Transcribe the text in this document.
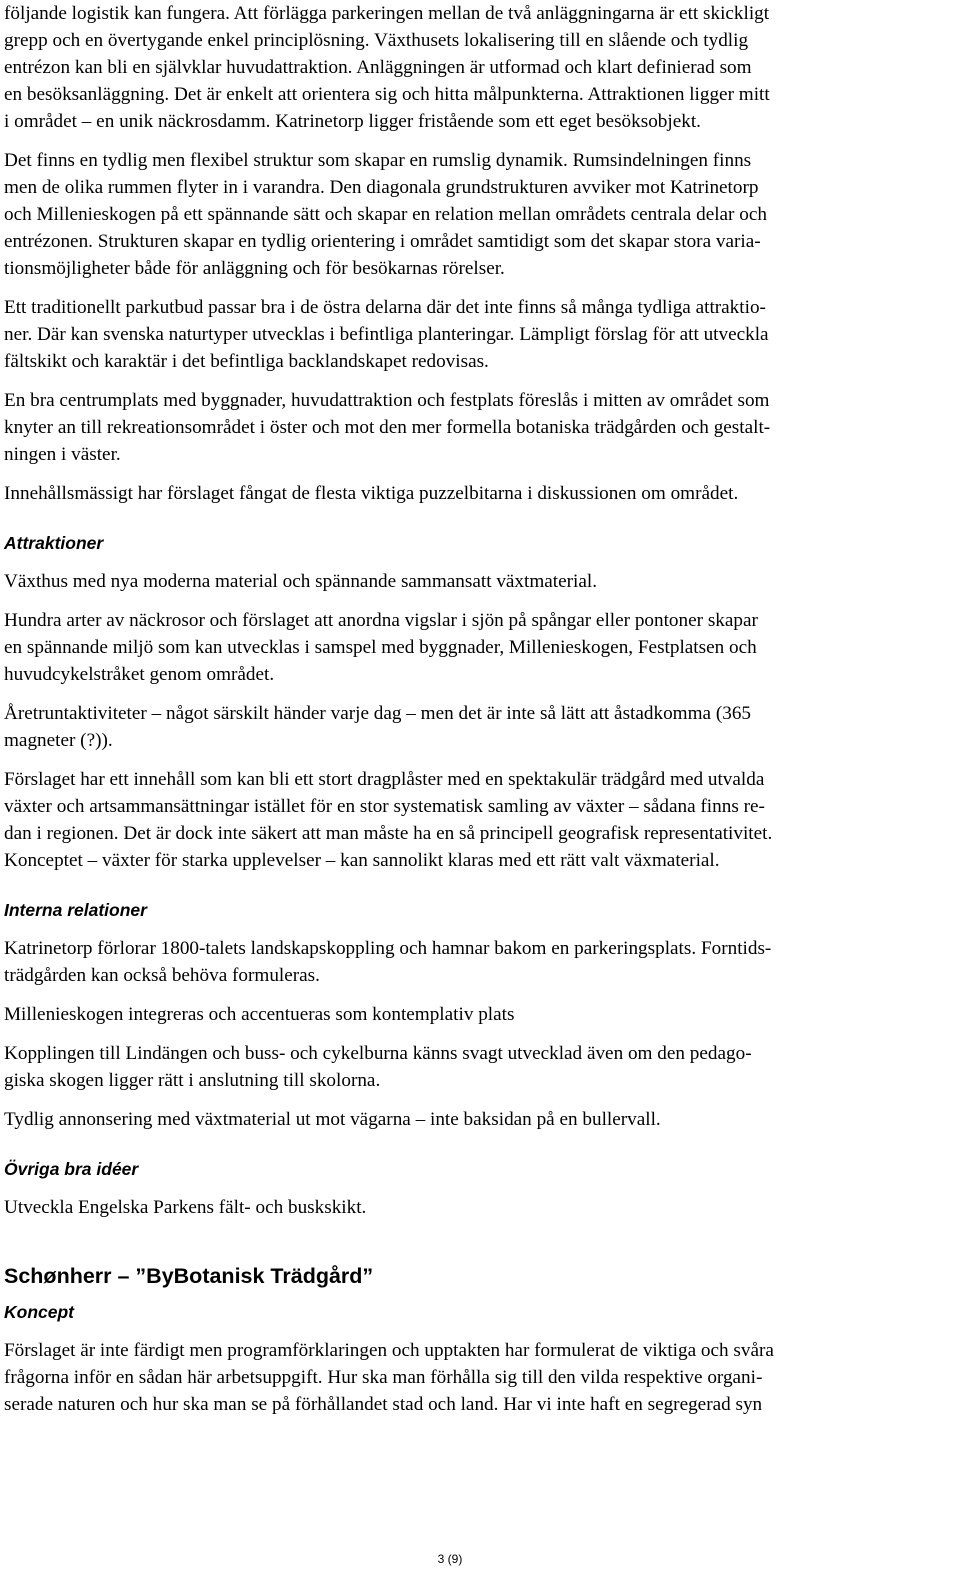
följande logistik kan fungera. Att förlägga parkeringen mellan de två anläggningarna är ett skickligt
grepp och en övertygande enkel principlösning. Växthusets lokalisering till en slående och tydlig
entrézon kan bli en självklar huvudattraktion. Anläggningen är utformad och klart definierad som
en besöksanläggning. Det är enkelt att orientera sig och hitta målpunkterna. Attraktionen ligger mitt
i området – en unik näckrosdamm. Katrinetorp ligger fristående som ett eget besöksobjekt.
Det finns en tydlig men flexibel struktur som skapar en rumslig dynamik. Rumsindelningen finns
men de olika rummen flyter in i varandra. Den diagonala grundstrukturen avviker mot Katrinetorp
och Millenieskogen på ett spännande sätt och skapar en relation mellan områdets centrala delar och
entrézonen. Strukturen skapar en tydlig orientering i området samtidigt som det skapar stora varia-
tionsmöjligheter både för anläggning och för besökarnas rörelser.
Ett traditionellt parkutbud passar bra i de östra delarna där det inte finns så många tydliga attraktio-
ner. Där kan svenska naturtyper utvecklas i befintliga planteringar. Lämpligt förslag för att utveckla
fältskikt och karaktär i det befintliga backlandskapet redovisas.
En bra centrumplats med byggnader, huvudattraktion och festplats föreslås i mitten av området som
knyter an till rekreationsområdet i öster och mot den mer formella botaniska trädgården och gestalt-
ningen i väster.
Innehållsmässigt har förslaget fångat de flesta viktiga puzzelbitarna i diskussionen om området.
Attraktioner
Växthus med nya moderna material och spännande sammansatt växtmaterial.
Hundra arter av näckrosor och förslaget att anordna vigslar i sjön på spångar eller pontoner skapar
en spännande miljö som kan utvecklas i samspel med byggnader, Millenieskogen, Festplatsen och
huvudcykelstråket genom området.
Åretruntaktiviteter – något särskilt händer varje dag – men det är inte så lätt att åstadkomma (365
magneter (?)).
Förslaget har ett innehåll som kan bli ett stort dragplåster med en spektakulär trädgård med utvalda
växter och artsammansättningar istället för en stor systematisk samling av växter – sådana finns re-
dan i regionen. Det är dock inte säkert att man måste ha en så principell geografisk representativitet.
Konceptet – växter för starka upplevelser – kan sannolikt klaras med ett rätt valt växmaterial.
Interna relationer
Katrinetorp förlorar 1800-talets landskapskoppling och hamnar bakom en parkeringsplats. Forntids-
trädgården kan också behöva formuleras.
Millenieskogen integreras och accentueras som kontemplativ plats
Kopplingen till Lindängen och buss- och cykelburna känns svagt utvecklad även om den pedago-
giska skogen ligger rätt i anslutning till skolorna.
Tydlig annonsering med växtmaterial ut mot vägarna – inte baksidan på en bullervall.
Övriga bra idéer
Utveckla Engelska Parkens fält- och buskskikt.
Schønherr – ”ByBotanisk Trädgård”
Koncept
Förslaget är inte färdigt men programförklaringen och upptakten har formulerat de viktiga och svåra
frågorna inför en sådan här arbetsuppgift. Hur ska man förhålla sig till den vilda respektive organi-
serade naturen och hur ska man se på förhållandet stad och land. Har vi inte haft en segregerad syn
3 (9)
